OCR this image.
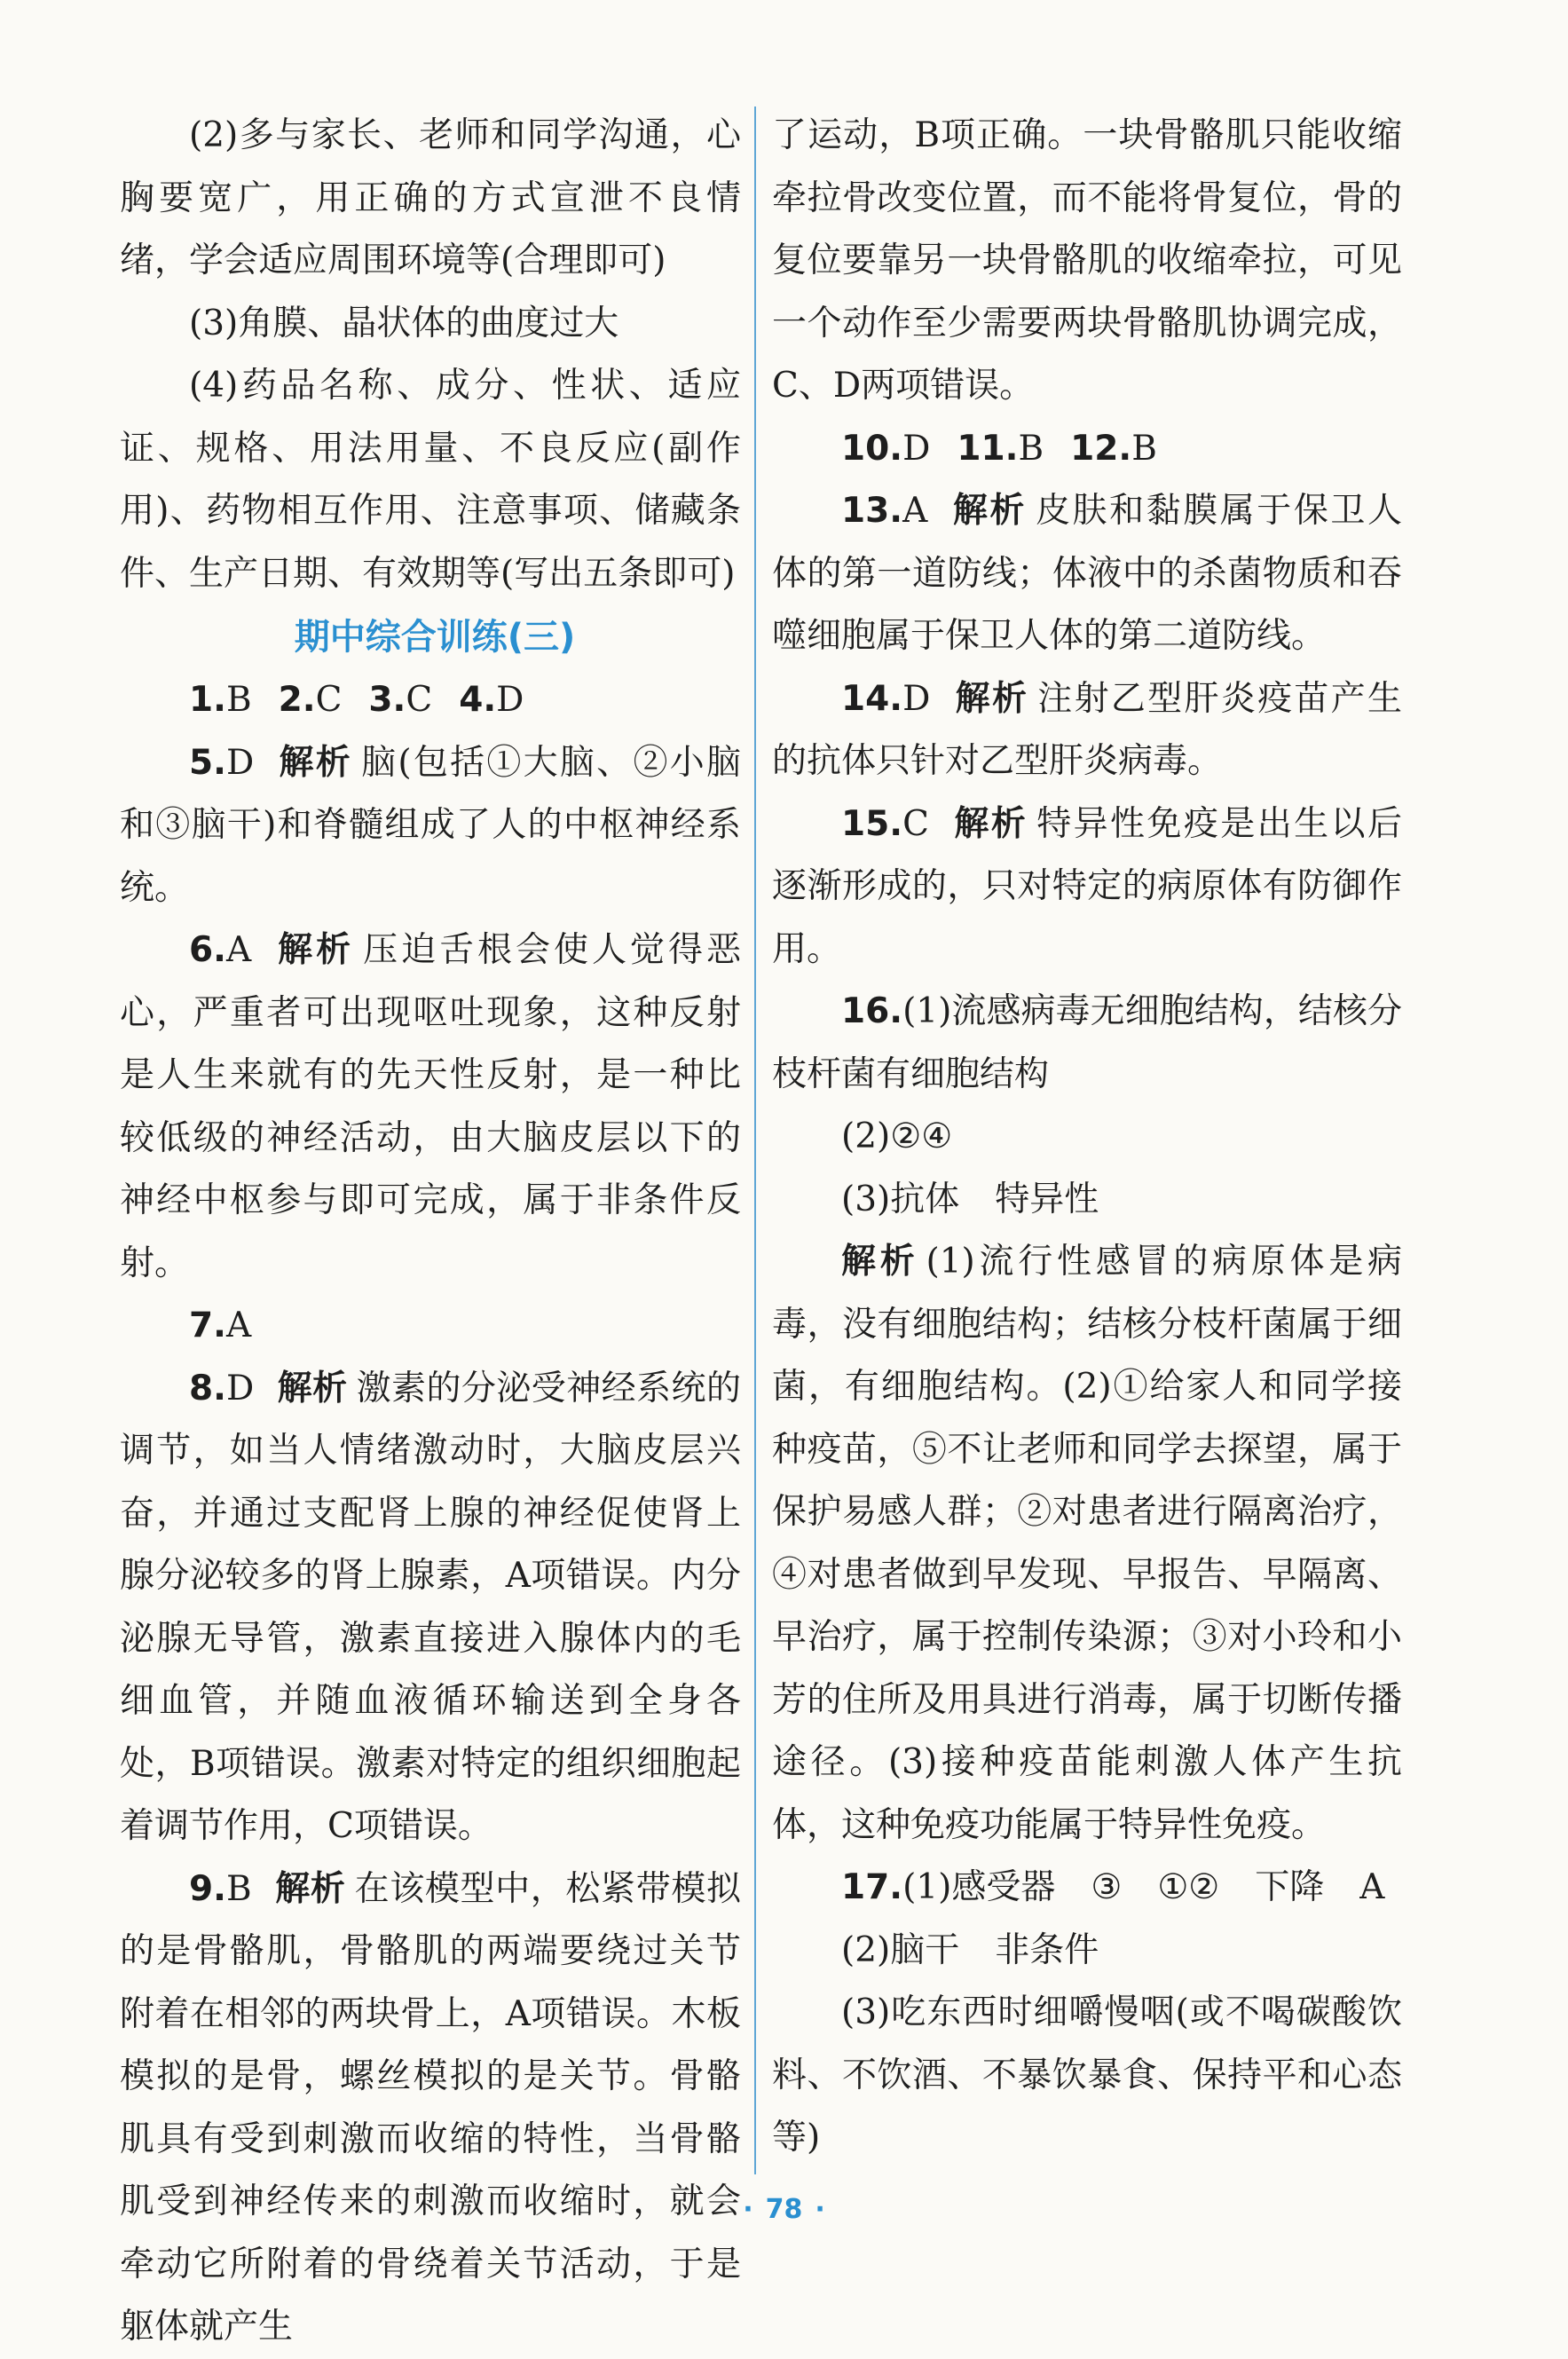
(2)多与家长、老师和同学沟通，心胸要宽广，用正确的方式宣泄不良情绪，学会适应周围环境等(合理即可)

(3)角膜、晶状体的曲度过大

(4)药品名称、成分、性状、适应证、规格、用法用量、不良反应(副作用)、药物相互作用、注意事项、储藏条件、生产日期、有效期等(写出五条即可)

期中综合训练(三)

1.B 2.C 3.C 4.D

5.D 解析 脑(包括①大脑、②小脑和③脑干)和脊髓组成了人的中枢神经系统。

6.A 解析 压迫舌根会使人觉得恶心，严重者可出现呕吐现象，这种反射是人生来就有的先天性反射，是一种比较低级的神经活动，由大脑皮层以下的神经中枢参与即可完成，属于非条件反射。

7.A

8.D 解析 激素的分泌受神经系统的调节，如当人情绪激动时，大脑皮层兴奋，并通过支配肾上腺的神经促使肾上腺分泌较多的肾上腺素，A项错误。内分泌腺无导管，激素直接进入腺体内的毛细血管，并随血液循环输送到全身各处，B项错误。激素对特定的组织细胞起着调节作用，C项错误。

9.B 解析 在该模型中，松紧带模拟的是骨骼肌，骨骼肌的两端要绕过关节附着在相邻的两块骨上，A项错误。木板模拟的是骨，螺丝模拟的是关节。骨骼肌具有受到刺激而收缩的特性，当骨骼肌受到神经传来的刺激而收缩时，就会牵动它所附着的骨绕着关节活动，于是躯体就产生

了运动，B项正确。一块骨骼肌只能收缩牵拉骨改变位置，而不能将骨复位，骨的复位要靠另一块骨骼肌的收缩牵拉，可见一个动作至少需要两块骨骼肌协调完成，C、D两项错误。

10.D 11.B 12.B

13.A 解析 皮肤和黏膜属于保卫人体的第一道防线；体液中的杀菌物质和吞噬细胞属于保卫人体的第二道防线。

14.D 解析 注射乙型肝炎疫苗产生的抗体只针对乙型肝炎病毒。

15.C 解析 特异性免疫是出生以后逐渐形成的，只对特定的病原体有防御作用。

16.(1)流感病毒无细胞结构，结核分枝杆菌有细胞结构

(2)②④

(3)抗体 特异性

解析 (1)流行性感冒的病原体是病毒，没有细胞结构；结核分枝杆菌属于细菌，有细胞结构。(2)①给家人和同学接种疫苗，⑤不让老师和同学去探望，属于保护易感人群；②对患者进行隔离治疗，④对患者做到早发现、早报告、早隔离、早治疗，属于控制传染源；③对小玲和小芳的住所及用具进行消毒，属于切断传播途径。(3)接种疫苗能刺激人体产生抗体，这种免疫功能属于特异性免疫。

17.(1)感受器 ③ ①② 下降 A

(2)脑干 非条件

(3)吃东西时细嚼慢咽(或不喝碳酸饮料、不饮酒、不暴饮暴食、保持平和心态等)

· 78 ·
